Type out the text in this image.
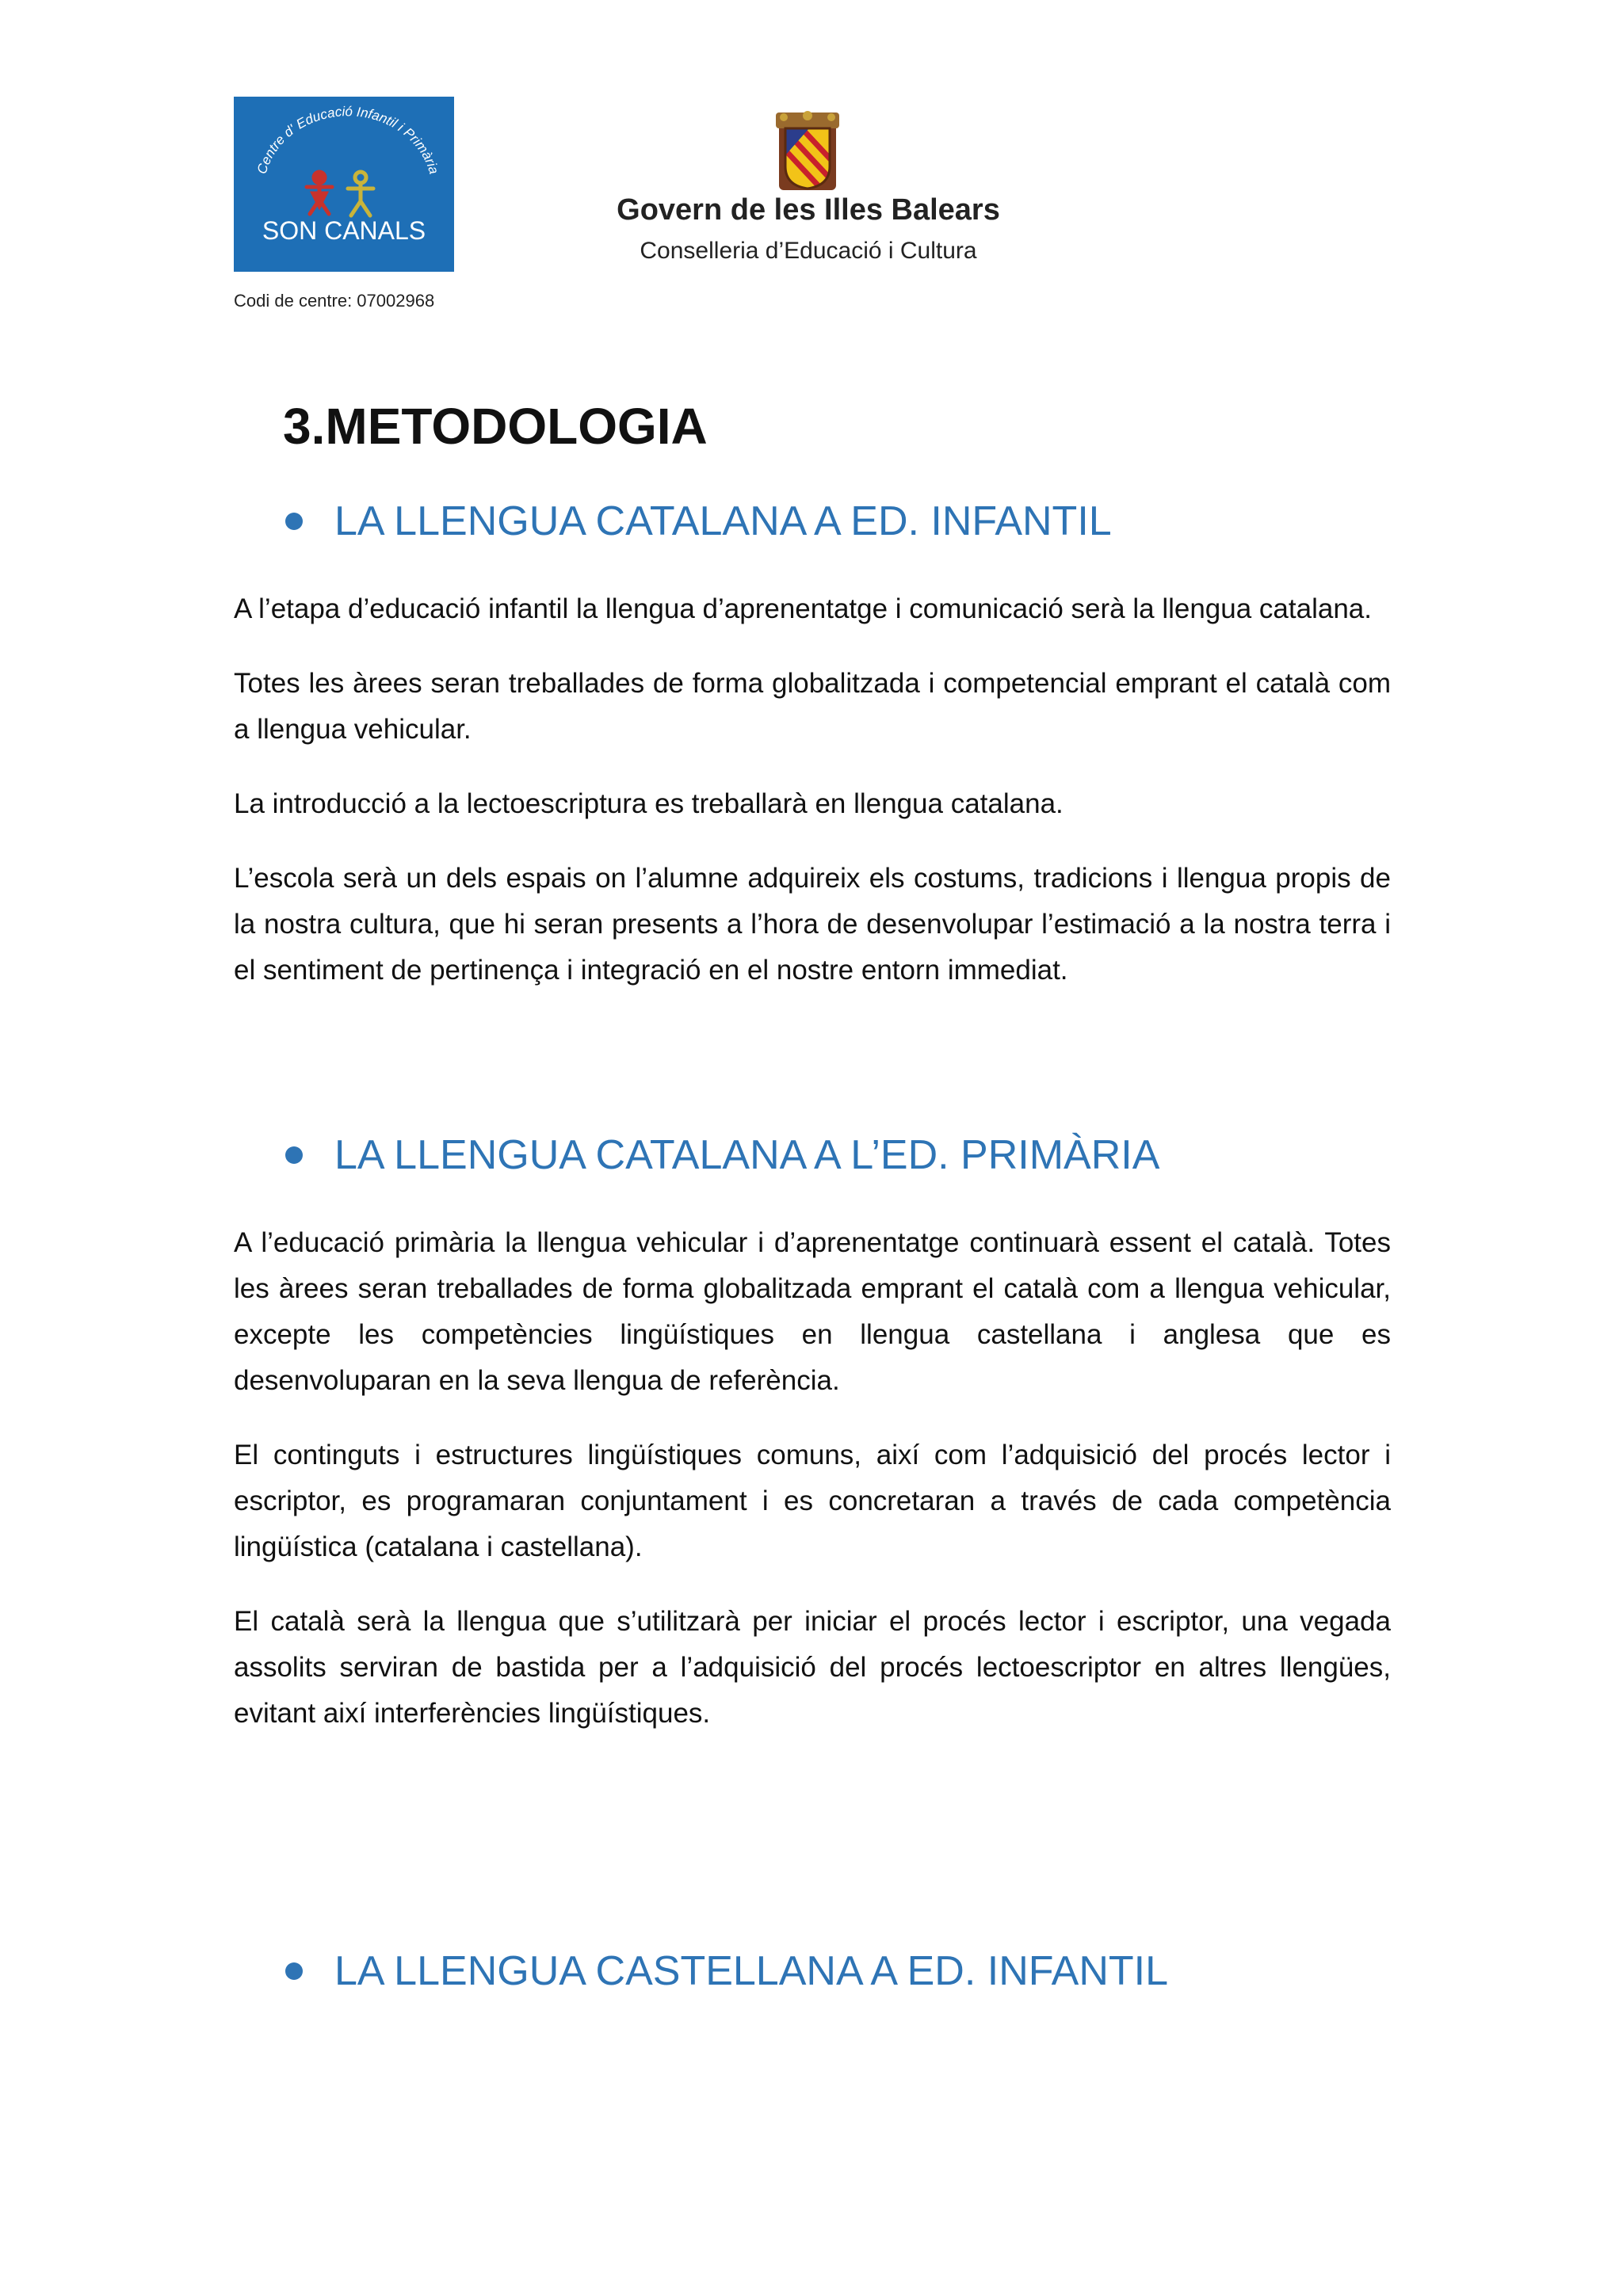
Centre d' Educació Infantil i Primària
SON CANALS
Codi de centre: 07002968
Govern de les Illes Balears
Conselleria d’Educació i Cultura
3.METODOLOGIA
LA LLENGUA CATALANA A ED. INFANTIL

A l’etapa d’educació infantil la llengua d’aprenentatge i comunicació serà la llengua catalana.

Totes les àrees seran treballades de forma globalitzada i competencial emprant el català com a llengua vehicular.

La introducció a la lectoescriptura es treballarà en llengua catalana.

L’escola serà un dels espais on l’alumne adquireix els costums, tradicions i llengua propis de la nostra cultura, que hi seran presents a l’hora de desenvolupar l’estimació a la nostra terra i el sentiment de pertinença i integració en el nostre entorn immediat.

LA LLENGUA CATALANA A L’ED. PRIMÀRIA

A l’educació primària la llengua vehicular i d’aprenentatge continuarà essent el català. Totes les àrees seran treballades de forma globalitzada emprant el català com a llengua vehicular, excepte les competències lingüístiques en llengua castellana i anglesa que es desenvoluparan en la seva llengua de referència.

El continguts i estructures lingüístiques comuns, així com l’adquisició del procés lector i escriptor, es programaran conjuntament i es concretaran a través de cada competència lingüística (catalana i castellana).

El català serà la llengua que s’utilitzarà per iniciar el procés lector i escriptor, una vegada assolits serviran de bastida per a l’adquisició del procés lectoescriptor en altres llengües, evitant així interferències lingüístiques.

LA LLENGUA CASTELLANA A ED. INFANTIL
